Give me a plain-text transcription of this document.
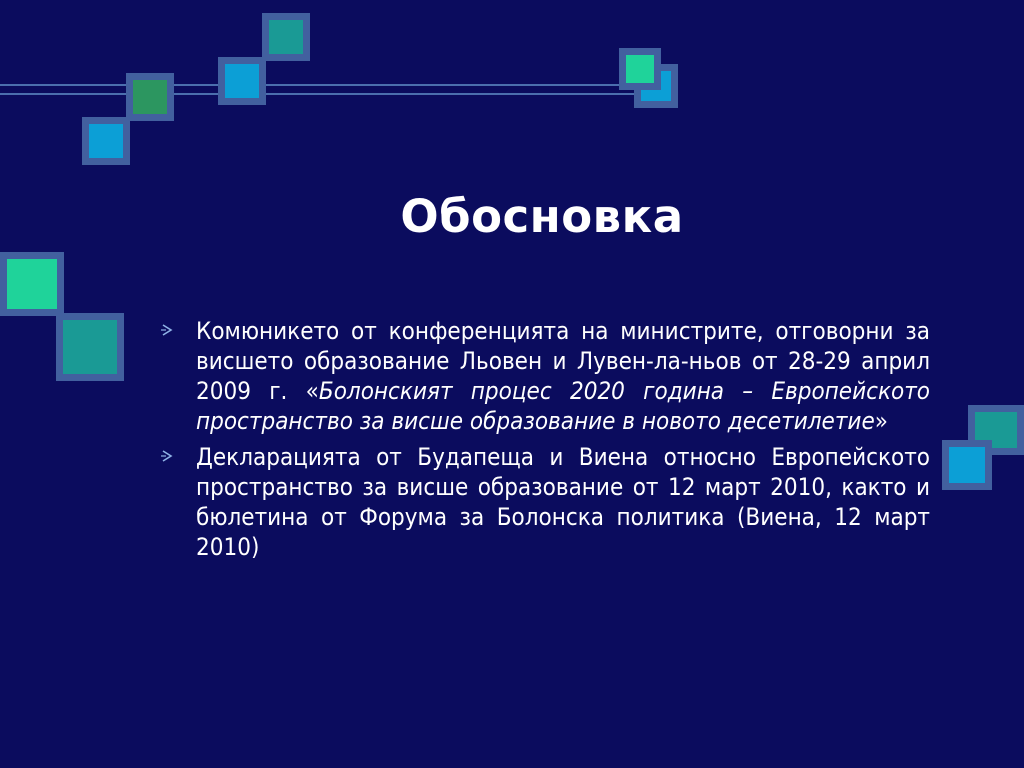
Обосновка
Комюникето от конференцията на министрите, отговорни за висшето образование Льовен и Лувен-ла-ньов от 28-29 април 2009 г. «Болонският процес 2020 година – Европейското пространство за висше образование в новото десетилетие»
Декларацията от Будапеща и Виена относно Европейското пространство за висше образование от 12 март 2010, както и бюлетина от Форума за Болонска политика (Виена, 12 март 2010)
